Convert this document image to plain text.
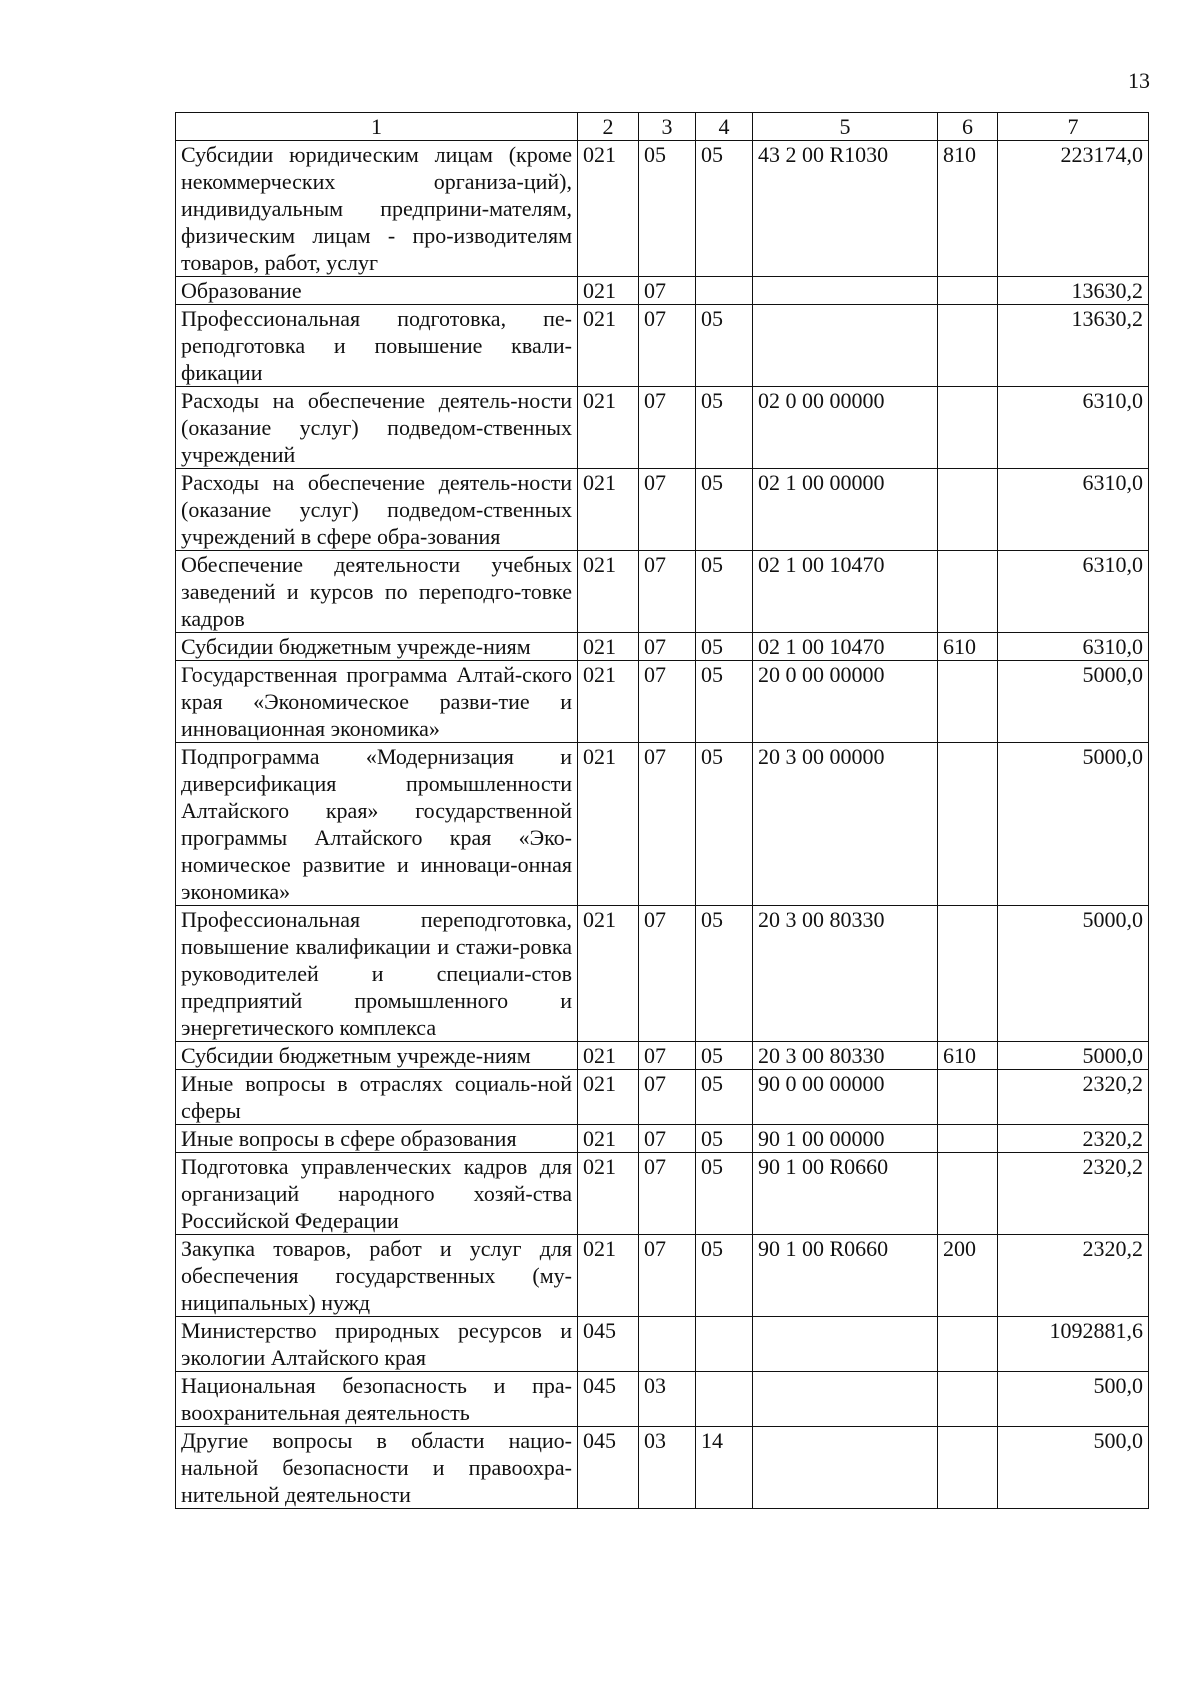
13
1	2	3	4	5	6	7
Субсидии юридическим лицам (кроме некоммерческих организа-ций), индивидуальным предприни-мателям, физическим лицам - про-изводителям товаров, работ, услуг	021	05	05	43 2 00 R1030	810	223174,0
Образование	021	07				13630,2
Профессиональная подготовка, пе-реподготовка и повышение квали-фикации	021	07	05			13630,2
Расходы на обеспечение деятель-ности (оказание услуг) подведом-ственных учреждений	021	07	05	02 0 00 00000		6310,0
Расходы на обеспечение деятель-ности (оказание услуг) подведом-ственных учреждений в сфере обра-зования	021	07	05	02 1 00 00000		6310,0
Обеспечение деятельности учебных заведений и курсов по переподго-товке кадров	021	07	05	02 1 00 10470		6310,0
Субсидии бюджетным учрежде-ниям	021	07	05	02 1 00 10470	610	6310,0
Государственная программа Алтай-ского края «Экономическое разви-тие и инновационная экономика»	021	07	05	20 0 00 00000		5000,0
Подпрограмма «Модернизация и диверсификация промышленности Алтайского края» государственной программы Алтайского края «Эко-номическое развитие и инноваци-онная экономика»	021	07	05	20 3 00 00000		5000,0
Профессиональная переподготовка, повышение квалификации и стажи-ровка руководителей и специали-стов предприятий промышленного и энергетического комплекса	021	07	05	20 3 00 80330		5000,0
Субсидии бюджетным учрежде-ниям	021	07	05	20 3 00 80330	610	5000,0
Иные вопросы в отраслях социаль-ной сферы	021	07	05	90 0 00 00000		2320,2
Иные вопросы в сфере образования	021	07	05	90 1 00 00000		2320,2
Подготовка управленческих кадров для организаций народного хозяй-ства Российской Федерации	021	07	05	90 1 00 R0660		2320,2
Закупка товаров, работ и услуг для обеспечения государственных (му-ниципальных) нужд	021	07	05	90 1 00 R0660	200	2320,2
Министерство природных ресурсов и экологии Алтайского края	045					1092881,6
Национальная безопасность и пра-воохранительная деятельность	045	03				500,0
Другие вопросы в области нацио-нальной безопасности и правоохра-нительной деятельности	045	03	14			500,0
